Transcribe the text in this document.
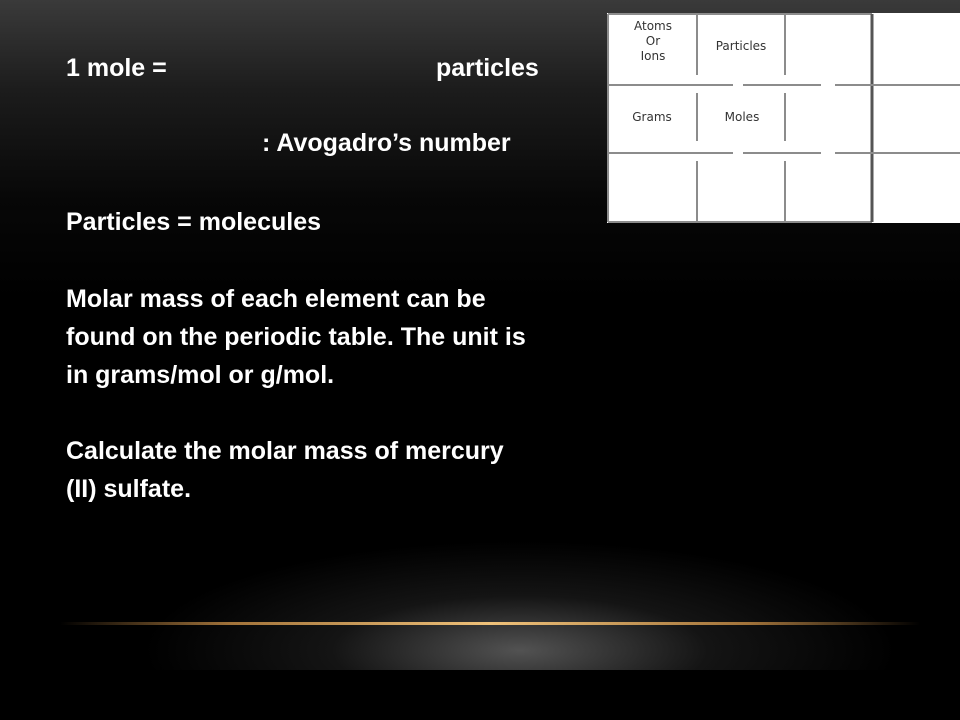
1 mole =	particles
: Avogadro’s number
Particles = molecules
Molar mass of each element can be
found on the periodic table. The unit is
in grams/mol or g/mol.
Calculate the molar mass of mercury
(II) sulfate.
Atoms
Or
Ions
Particles
Grams	Moles
